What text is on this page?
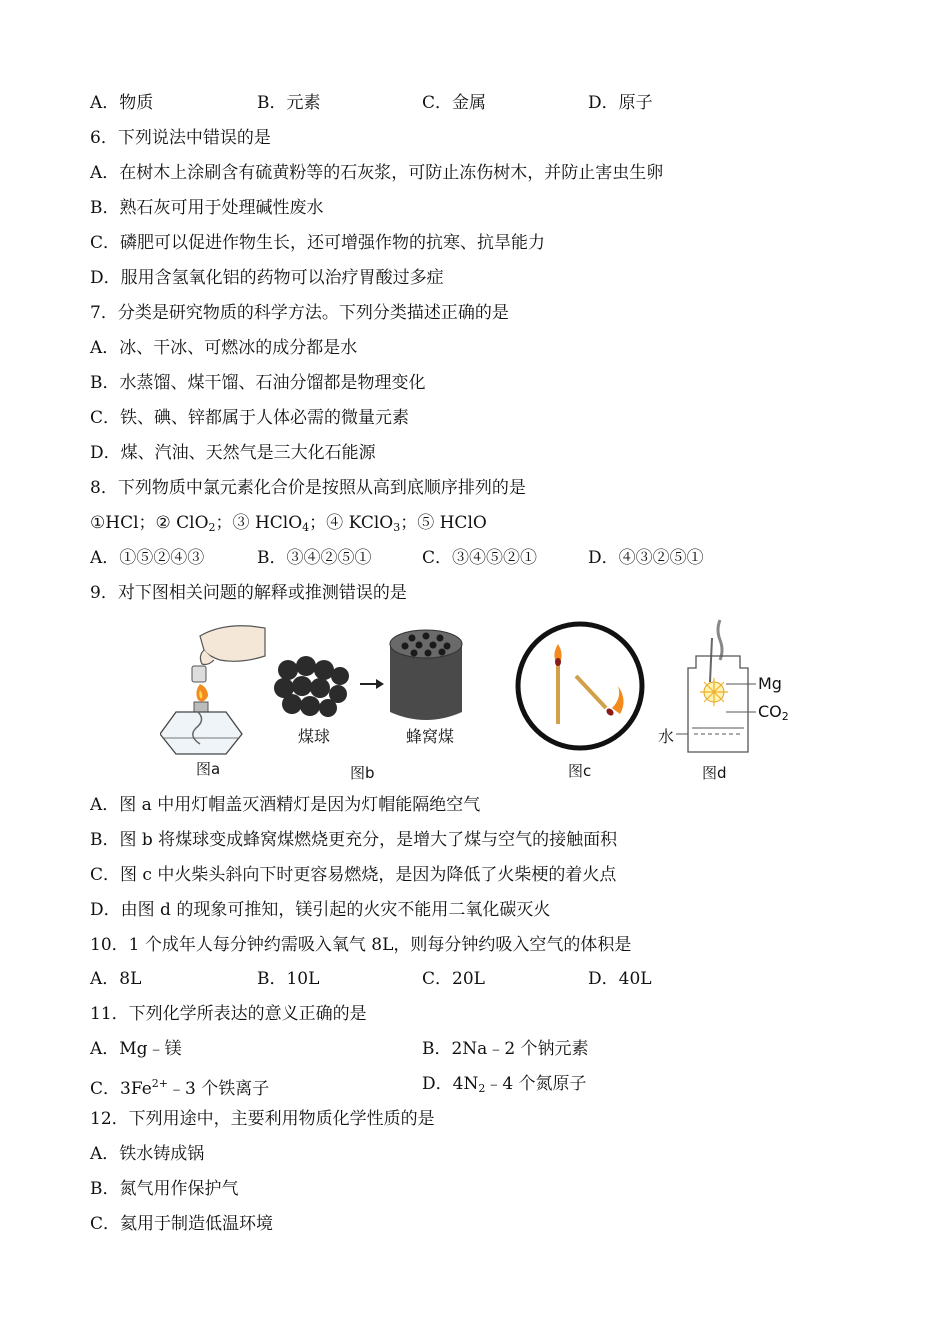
A．物质	B．元素	C．金属	D．原子
6．下列说法中错误的是
A．在树木上涂刷含有硫黄粉等的石灰浆，可防止冻伤树木，并防止害虫生卵
B．熟石灰可用于处理碱性废水
C．磷肥可以促进作物生长，还可增强作物的抗寒、抗旱能力
D．服用含氢氧化铝的药物可以治疗胃酸过多症
7．分类是研究物质的科学方法。下列分类描述正确的是
A．冰、干冰、可燃冰的成分都是水
B．水蒸馏、煤干馏、石油分馏都是物理变化
C．铁、碘、锌都属于人体必需的微量元素
D．煤、汽油、天然气是三大化石能源
8．下列物质中氯元素化合价是按照从高到底顺序排列的是
①HCl；② ClO$_2$；③ HClO$_4$；④ KClO$_3$；⑤ HClO
A．①⑤②④③	B．③④②⑤①	C．③④⑤②①	D．④③②⑤①
9．对下图相关问题的解释或推测错误的是
煤球	蜂窝煤
Mg
$CO_2$
水
图a	图b	图c	图d
A．图 a 中用灯帽盖灭酒精灯是因为灯帽能隔绝空气
B．图 b 将煤球变成蜂窝煤燃烧更充分，是增大了煤与空气的接触面积
C．图 c 中火柴头斜向下时更容易燃烧，是因为降低了火柴梗的着火点
D．由图 d 的现象可推知，镁引起的火灾不能用二氧化碳灭火
10．1 个成年人每分钟约需吸入氧气 8L，则每分钟约吸入空气的体积是
A．8L	B．10L	C．20L	D．40L
11．下列化学所表达的意义正确的是
A．Mg﹣镁	B．2Na﹣2 个钠元素
C．$3Fe^{2+}﹣3$ 个铁离子	D．$4N_2﹣4$ 个氮原子
12．下列用途中，主要利用物质化学性质的是
A．铁水铸成锅
B．氮气用作保护气
C．氦用于制造低温环境
